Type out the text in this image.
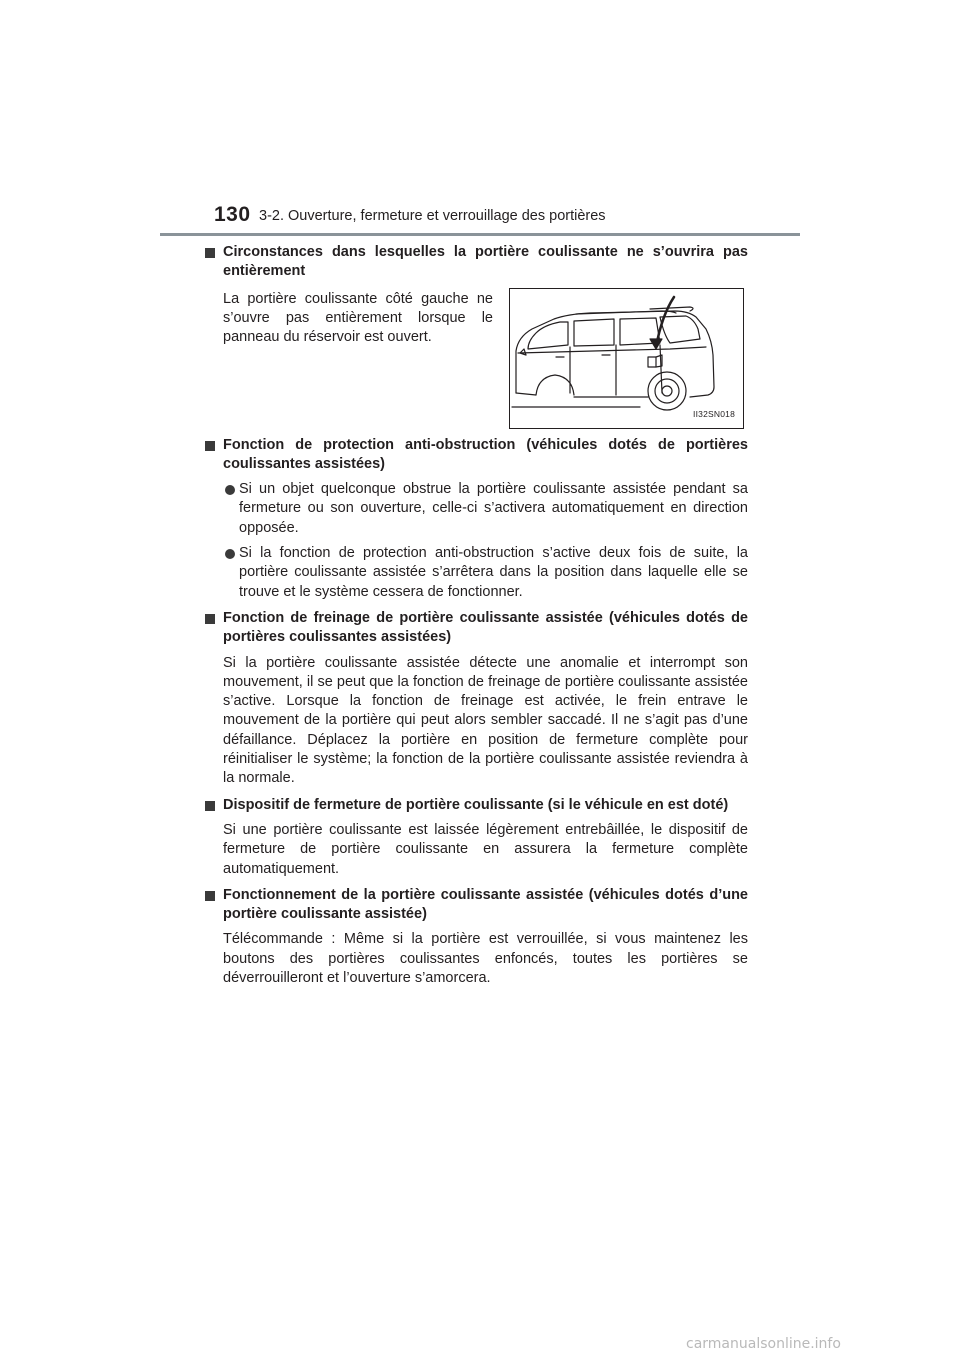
130 3-2. Ouverture, fermeture et verrouillage des portières
Circonstances dans lesquelles la portière coulissante ne s’ouvrira pas entièrement
La portière coulissante côté gauche ne s’ouvre pas entièrement lorsque le panneau du réservoir est ouvert.
II32SN018
Fonction de protection anti-obstruction (véhicules dotés de portières coulissantes assistées)
Si un objet quelconque obstrue la portière coulissante assistée pendant sa fermeture ou son ouverture, celle-ci s’activera automatiquement en direction opposée.
Si la fonction de protection anti-obstruction s’active deux fois de suite, la portière coulissante assistée s’arrêtera dans la position dans laquelle elle se trouve et le système cessera de fonctionner.
Fonction de freinage de portière coulissante assistée (véhicules dotés de portières coulissantes assistées)
Si la portière coulissante assistée détecte une anomalie et interrompt son mouvement, il se peut que la fonction de freinage de portière coulissante assistée s’active. Lorsque la fonction de freinage est activée, le frein entrave le mouvement de la portière qui peut alors sembler saccadé. Il ne s’agit pas d’une défaillance. Déplacez la portière en position de fermeture complète pour réinitialiser le système; la fonction de la portière coulissante assistée reviendra à la normale.
Dispositif de fermeture de portière coulissante (si le véhicule en est doté)
Si une portière coulissante est laissée légèrement entrebâillée, le dispositif de fermeture de portière coulissante en assurera la fermeture complète automatiquement.
Fonctionnement de la portière coulissante assistée (véhicules dotés d’une portière coulissante assistée)
Télécommande : Même si la portière est verrouillée, si vous maintenez les boutons des portières coulissantes enfoncés, toutes les portières se déverrouilleront et l’ouverture s’amorcera.
carmanualsonline.info
